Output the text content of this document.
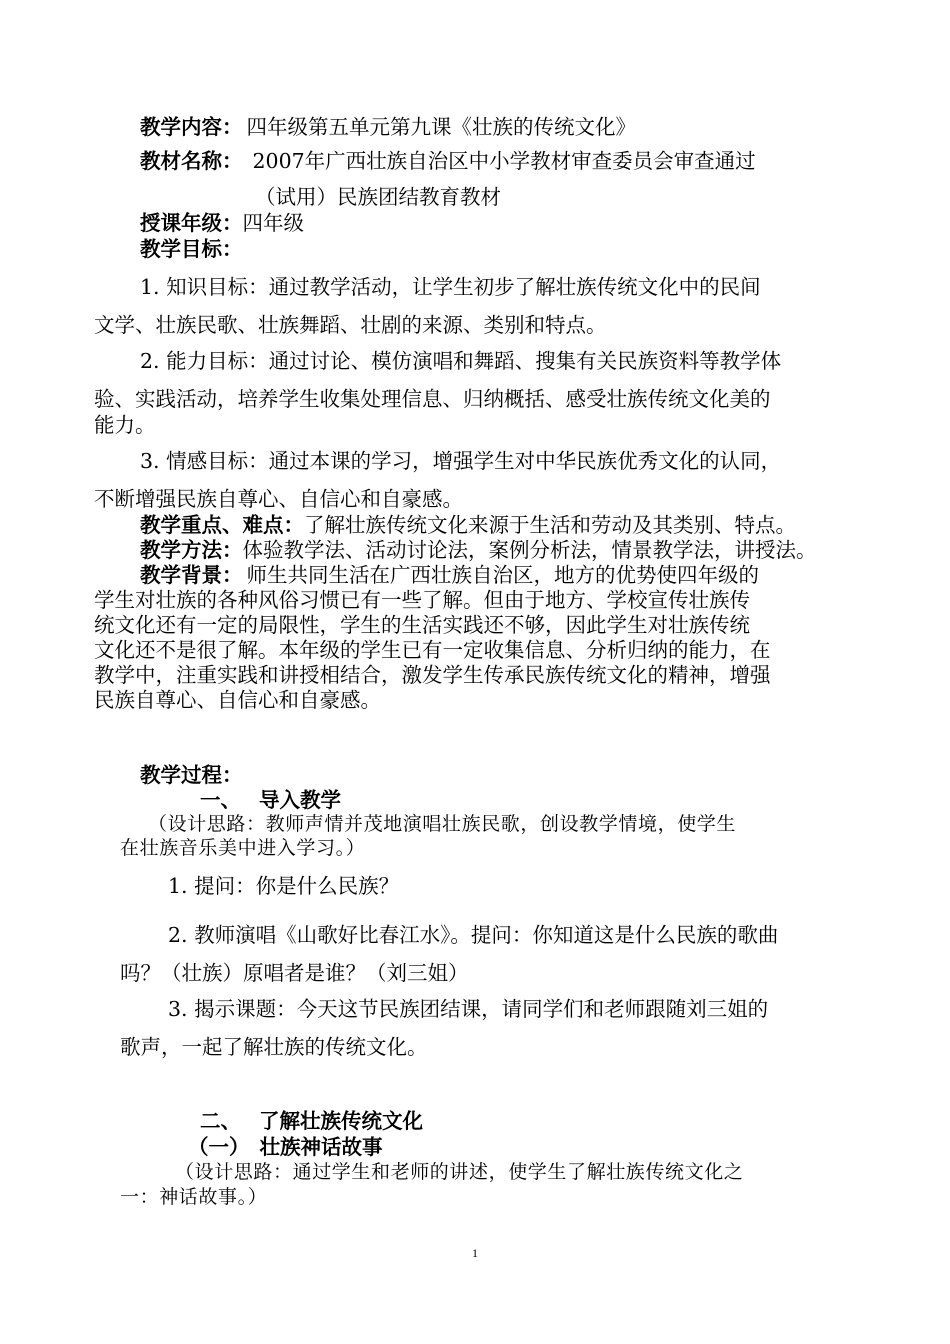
教学内容： 四年级第五单元第九课《壮族的传统文化》
教材名称： 2007年广西壮族自治区中小学教材审查委员会审查通过
（试用）民族团结教育教材
授课年级：四年级
教学目标：
1. 知识目标：通过教学活动，让学生初步了解壮族传统文化中的民间
文学、壮族民歌、壮族舞蹈、壮剧的来源、类别和特点。
2. 能力目标：通过讨论、模仿演唱和舞蹈、搜集有关民族资料等教学体
验、实践活动，培养学生收集处理信息、归纳概括、感受壮族传统文化美的
能力。
3. 情感目标：通过本课的学习，增强学生对中华民族优秀文化的认同，
不断增强民族自尊心、自信心和自豪感。
教学重点、难点：了解壮族传统文化来源于生活和劳动及其类别、特点。
教学方法：体验教学法、活动讨论法，案例分析法，情景教学法，讲授法。
教学背景： 师生共同生活在广西壮族自治区，地方的优势使四年级的
学生对壮族的各种风俗习惯已有一些了解。但由于地方、学校宣传壮族传
统文化还有一定的局限性，学生的生活实践还不够，因此学生对壮族传统
文化还不是很了解。本年级的学生已有一定收集信息、分析归纳的能力，在
教学中，注重实践和讲授相结合，激发学生传承民族传统文化的精神，增强
民族自尊心、自信心和自豪感。
教学过程：
一、 导入教学
（设计思路：教师声情并茂地演唱壮族民歌，创设教学情境，使学生
在壮族音乐美中进入学习。）
1. 提问：你是什么民族？
2. 教师演唱《山歌好比春江水》。提问：你知道这是什么民族的歌曲
吗？（壮族）原唱者是谁？（刘三姐）
3. 揭示课题：今天这节民族团结课，请同学们和老师跟随刘三姐的
歌声，一起了解壮族的传统文化。
二、 了解壮族传统文化
（一） 壮族神话故事
（设计思路：通过学生和老师的讲述，使学生了解壮族传统文化之
一：神话故事。）
1
